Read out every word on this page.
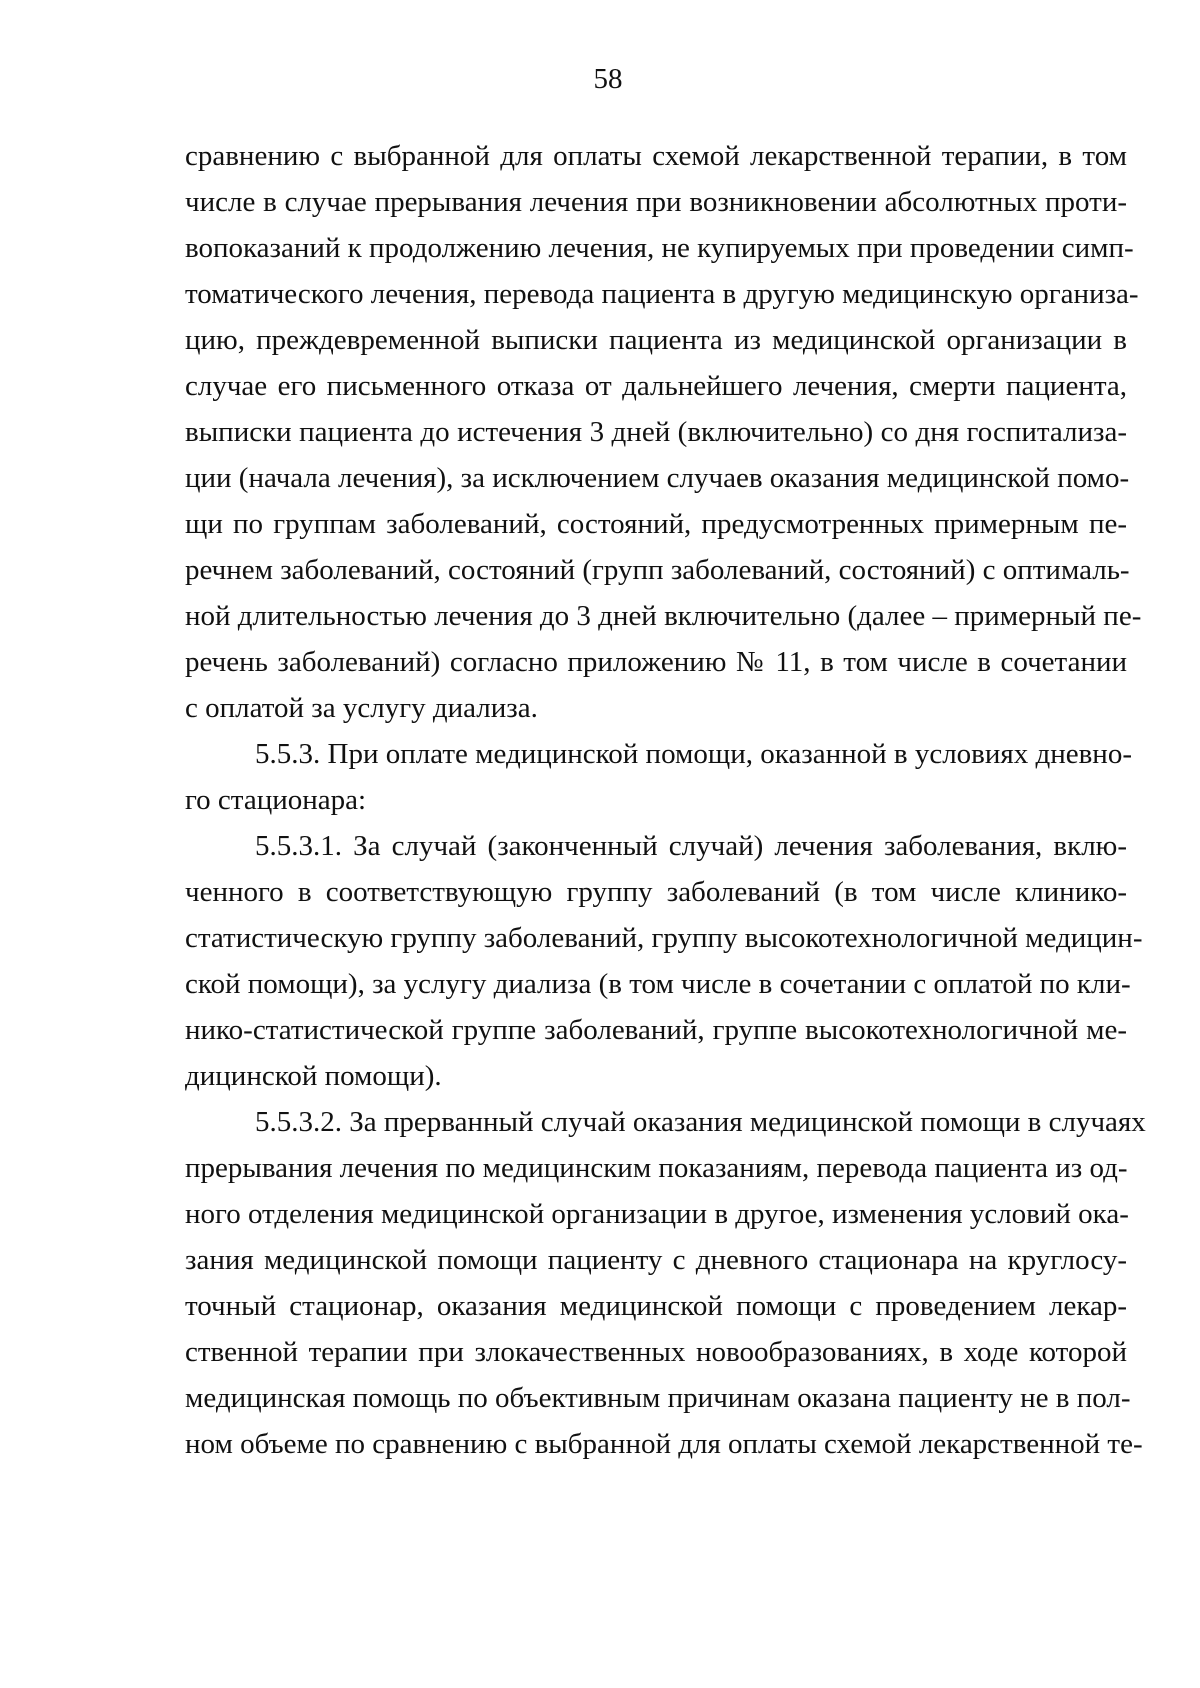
58
сравнению с выбранной для оплаты схемой лекарственной терапии, в том
числе в случае прерывания лечения при возникновении абсолютных проти-
вопоказаний к продолжению лечения, не купируемых при проведении симп-
томатического лечения, перевода пациента в другую медицинскую организа-
цию, преждевременной выписки пациента из медицинской организации в
случае его письменного отказа от дальнейшего лечения, смерти пациента,
выписки пациента до истечения 3 дней (включительно) со дня госпитализа-
ции (начала лечения), за исключением случаев оказания медицинской помо-
щи по группам заболеваний, состояний, предусмотренных примерным пе-
речнем заболеваний, состояний (групп заболеваний, состояний) с оптималь-
ной длительностью лечения до 3 дней включительно (далее – примерный пе-
речень заболеваний) согласно приложению № 11, в том числе в сочетании
с оплатой за услугу диализа.
5.5.3. При оплате медицинской помощи, оказанной в условиях дневно-
го стационара:
5.5.3.1. За случай (законченный случай) лечения заболевания, вклю-
ченного в соответствующую группу заболеваний (в том числе клинико-
статистическую группу заболеваний, группу высокотехнологичной медицин-
ской помощи), за услугу диализа (в том числе в сочетании с оплатой по кли-
нико-статистической группе заболеваний, группе высокотехнологичной ме-
дицинской помощи).
5.5.3.2. За прерванный случай оказания медицинской помощи в случаях
прерывания лечения по медицинским показаниям, перевода пациента из од-
ного отделения медицинской организации в другое, изменения условий ока-
зания медицинской помощи пациенту с дневного стационара на круглосу-
точный стационар, оказания медицинской помощи с проведением лекар-
ственной терапии при злокачественных новообразованиях, в ходе которой
медицинская помощь по объективным причинам оказана пациенту не в пол-
ном объеме по сравнению с выбранной для оплаты схемой лекарственной те-
